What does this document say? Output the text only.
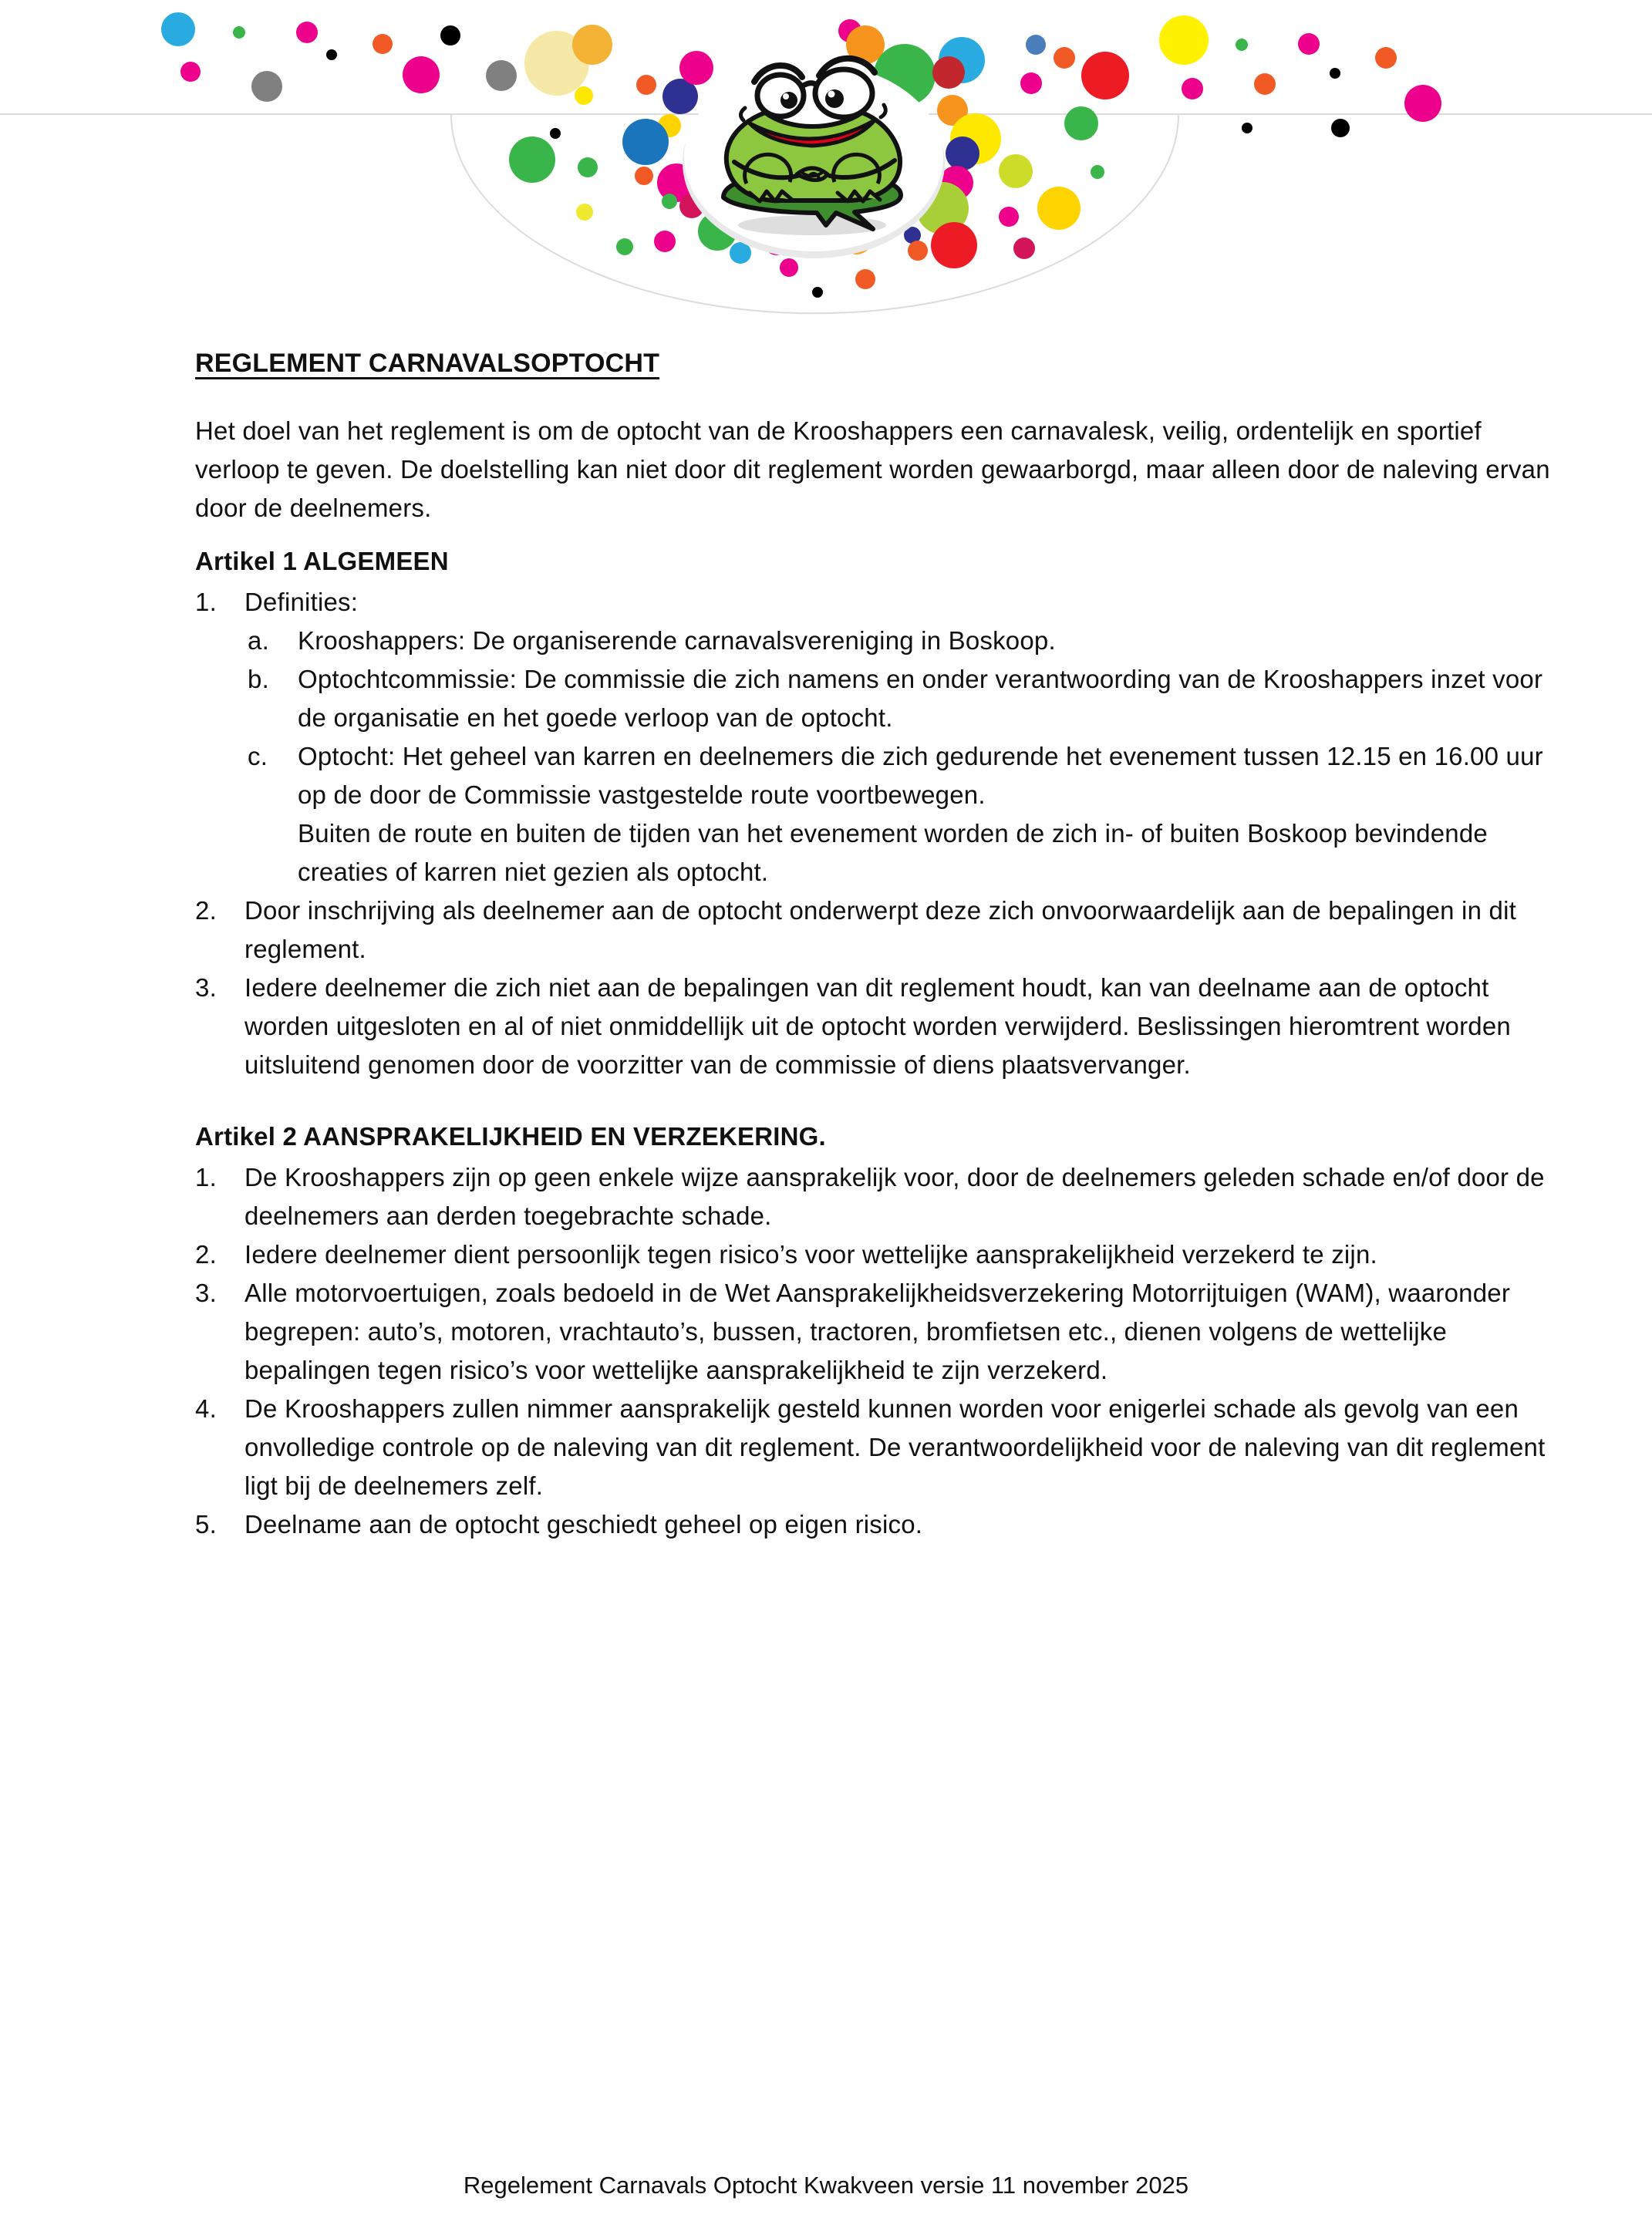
REGLEMENT CARNAVALSOPTOCHT

Het doel van het reglement is om de optocht van de Krooshappers een carnavalesk, veilig, ordentelijk en sportief verloop te geven. De doelstelling kan niet door dit reglement worden gewaarborgd, maar alleen door de naleving ervan door de deelnemers.

Artikel 1 ALGEMEEN

Definities:

Krooshappers: De organiserende carnavalsvereniging in Boskoop.

Optochtcommissie: De commissie die zich namens en onder verantwoording van de Krooshappers inzet voor de organisatie en het goede verloop van de optocht.

Optocht: Het geheel van karren en deelnemers die zich gedurende het evenement tussen 12.15 en 16.00 uur op de door de Commissie vastgestelde route voortbewegen.

Buiten de route en buiten de tijden van het evenement worden de zich in- of buiten Boskoop bevindende creaties of karren niet gezien als optocht.

Door inschrijving als deelnemer aan de optocht onderwerpt deze zich onvoorwaardelijk aan de bepalingen in dit reglement.

Iedere deelnemer die zich niet aan de bepalingen van dit reglement houdt, kan van deelname aan de optocht worden uitgesloten en al of niet onmiddellijk uit de optocht worden verwijderd. Beslissingen hieromtrent worden uitsluitend genomen door de voorzitter van de commissie of diens plaatsvervanger.

Artikel 2 AANSPRAKELIJKHEID EN VERZEKERING.

De Krooshappers zijn op geen enkele wijze aansprakelijk voor, door de deelnemers geleden schade en/of door de deelnemers aan derden toegebrachte schade.

Iedere deelnemer dient persoonlijk tegen risico’s voor wettelijke aansprakelijkheid verzekerd te zijn.

Alle motorvoertuigen, zoals bedoeld in de Wet Aansprakelijkheidsverzekering Motorrijtuigen (WAM), waaronder begrepen: auto’s, motoren, vrachtauto’s, bussen, tractoren, bromfietsen etc., dienen volgens de wettelijke bepalingen tegen risico’s voor wettelijke aansprakelijkheid te zijn verzekerd.

De Krooshappers zullen nimmer aansprakelijk gesteld kunnen worden voor enigerlei schade als gevolg van een onvolledige controle op de naleving van dit reglement. De verantwoordelijkheid voor de naleving van dit reglement ligt bij de deelnemers zelf.

Deelname aan de optocht geschiedt geheel op eigen risico.

Regelement Carnavals Optocht Kwakveen versie 11 november 2025
